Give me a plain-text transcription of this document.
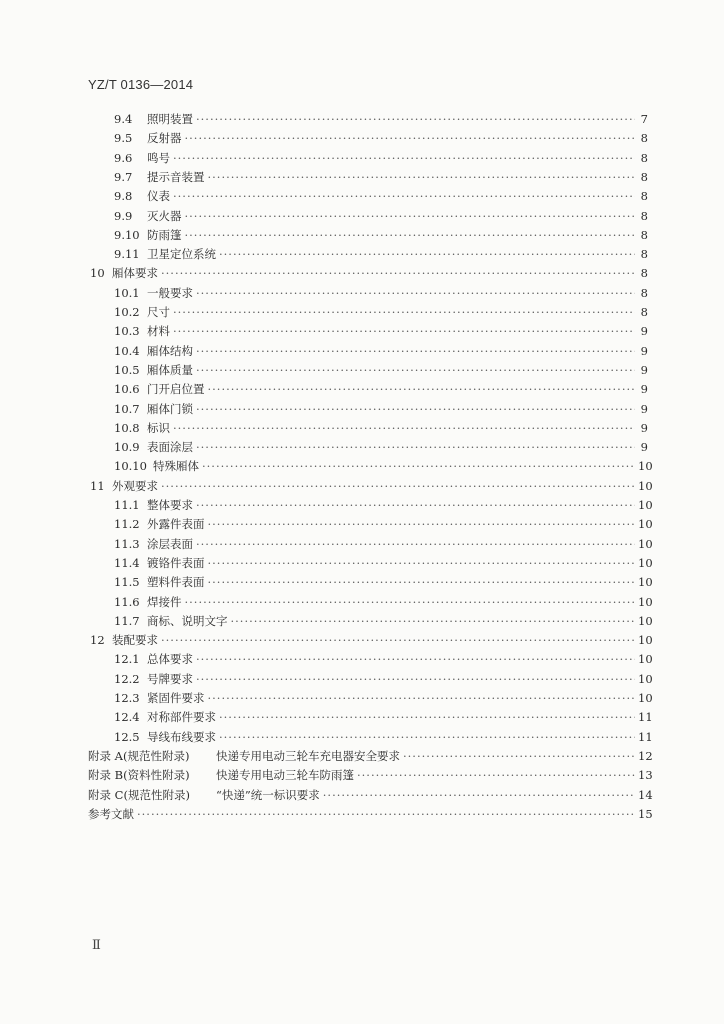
YZ/T 0136—2014
9.4	照明装置 ·····	7
9.5	反射器 ·····	8
9.6	鸣号 ·····	8
9.7	提示音装置 ·····	8
9.8	仪表 ·····	8
9.9	灭火器 ·····	8
9.10 防雨篷 ·····	8
9.11 卫星定位系统 ·····	8
10 厢体要求 ·····	8
10.1 一般要求 ·····	8
10.2 尺寸 ·····	8
10.3 材料 ·····	9
10.4 厢体结构 ·····	9
10.5 厢体质量 ·····	9
10.6 门开启位置 ·····	9
10.7 厢体门锁 ·····	9
10.8 标识 ·····	9
10.9 表面涂层 ·····	9
10.10 特殊厢体 ·····	10
11 外观要求 ·····	10
11.1 整体要求 ·····	10
11.2 外露件表面 ·····	10
11.3 涂层表面 ·····	10
11.4 镀铬件表面 ·····	10
11.5 塑料件表面 ·····	10
11.6 焊接件 ·····	10
11.7 商标、说明文字 ·····	10
12 装配要求 ·····	10
12.1 总体要求 ·····	10
12.2 号牌要求 ·····	10
12.3 紧固件要求 ·····	10
12.4 对称部件要求 ·····	11
12.5 导线布线要求 ·····	11
附录 A(规范性附录)	快递专用电动三轮车充电器安全要求 ·····	12
附录 B(资料性附录)	快递专用电动三轮车防雨篷 ·····	13
附录 C(规范性附录)	“快递”统一标识要求 ·····	14
参考文献 ·····	15
Ⅱ
